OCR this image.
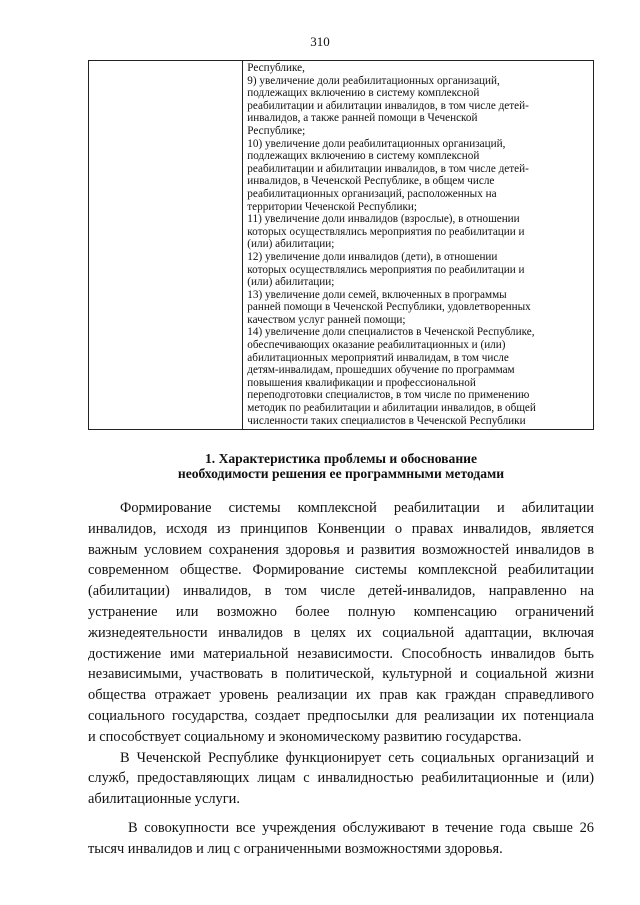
310

Республике,
9) увеличение доли реабилитационных организаций,
подлежащих включению в систему комплексной
реабилитации и абилитации инвалидов, в том числе детей-
инвалидов, а также ранней помощи в Чеченской
Республике;
10) увеличение доли реабилитационных организаций,
подлежащих включению в систему комплексной
реабилитации и абилитации инвалидов, в том числе детей-
инвалидов, в Чеченской Республике, в общем числе
реабилитационных организаций, расположенных на
территории Чеченской Республики;
11) увеличение доли инвалидов (взрослые), в отношении
которых осуществлялись мероприятия по реабилитации и
(или) абилитации;
12) увеличение доли инвалидов (дети), в отношении
которых осуществлялись мероприятия по реабилитации и
(или) абилитации;
13) увеличение доли семей, включенных в программы
ранней помощи в Чеченской Республики, удовлетворенных
качеством услуг ранней помощи;
14) увеличение доли специалистов в Чеченской Республике,
обеспечивающих оказание реабилитационных и (или)
абилитационных мероприятий инвалидам, в том числе
детям-инвалидам, прошедших обучение по программам
повышения квалификации и профессиональной
переподготовки специалистов, в том числе по применению
методик по реабилитации и абилитации инвалидов, в общей
численности таких специалистов в Чеченской Республики
1. Характеристика проблемы и обоснование
необходимости решения ее программными методами
Формирование системы комплексной реабилитации и абилитации
инвалидов, исходя из принципов Конвенции о правах инвалидов, является
важным условием сохранения здоровья и развития возможностей инвалидов в
современном обществе. Формирование системы комплексной реабилитации
(абилитации) инвалидов, в том числе детей-инвалидов, направленно на
устранение или возможно более полную компенсацию ограничений
жизнедеятельности инвалидов в целях их социальной адаптации, включая
достижение ими материальной независимости. Способность инвалидов быть
независимыми, участвовать в политической, культурной и социальной жизни
общества отражает уровень реализации их прав как граждан справедливого
социального государства, создает предпосылки для реализации их потенциала
и способствует социальному и экономическому развитию государства.
В Чеченской Республике функционирует сеть социальных организаций и
служб, предоставляющих лицам с инвалидностью реабилитационные и (или)
абилитационные услуги.
В совокупности все учреждения обслуживают в течение года свыше 26
тысяч инвалидов и лиц с ограниченными возможностями здоровья.
